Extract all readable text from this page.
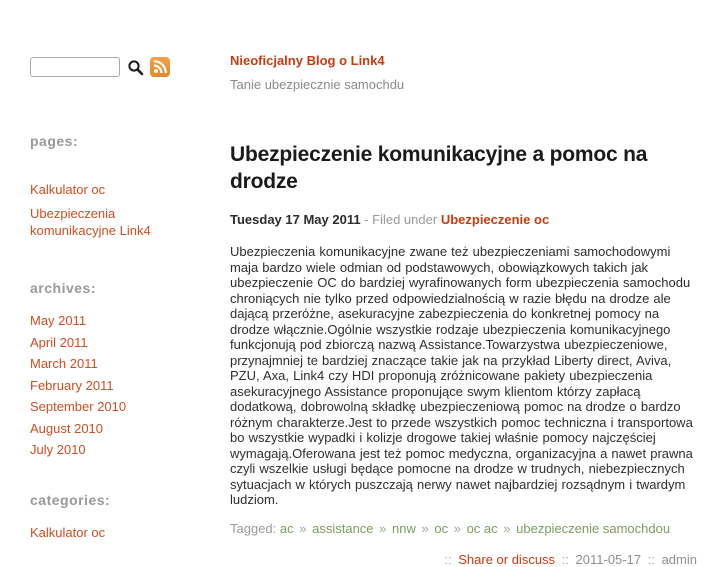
Nieoficjalny Blog o Link4
Tanie ubezpiecznie samochdu
pages:
Kalkulator oc
Ubezpieczenia komunikacyjne Link4
archives:
May 2011
April 2011
March 2011
February 2011
September 2010
August 2010
July 2010
categories:
Kalkulator oc
Ubezpieczenie komunikacyjne a pomoc na drodze
Tuesday 17 May 2011 - Filed under Ubezpieczenie oc

Ubezpieczenia komunikacyjne zwane też ubezpieczeniami samochodowymi maja bardzo wiele odmian od podstawowych, obowiązkowych takich jak ubezpieczenie OC do bardziej wyrafinowanych form ubezpieczenia samochodu chroniących nie tylko przed odpowiedzialnością w razie błędu na drodze ale dającą przeróżne, asekuracyjne zabezpieczenia do konkretnej pomocy na drodze włącznie.Ogólnie wszystkie rodzaje ubezpieczenia komunikacyjnego funkcjonują pod zbiorczą nazwą Assistance.Towarzystwa ubezpieczeniowe, przynajmniej te bardziej znaczące takie jak na przykład Liberty direct, Aviva, PZU, Axa, Link4 czy HDI proponują zróżnicowane pakiety ubezpieczenia asekuracyjnego Assistance proponujące swym klientom którzy zapłacą dodatkową, dobrowolną składkę ubezpieczeniową pomoc na drodze o bardzo różnym charakterze.Jest to przede wszystkich pomoc techniczna i transportowa bo wszystkie wypadki i kolizje drogowe takiej właśnie pomocy najczęściej wymagają.Oferowana jest też pomoc medyczna, organizacyjna a nawet prawna czyli wszelkie usługi będące pomocne na drodze w trudnych, niebezpiecznych sytuacjach w których puszczają nerwy nawet najbardziej rozsądnym i twardym ludziom.

Tagged: ac » assistance » nnw » oc » oc ac » ubezpieczenie samochdou
:: Share or discuss :: 2011-05-17 :: admin
